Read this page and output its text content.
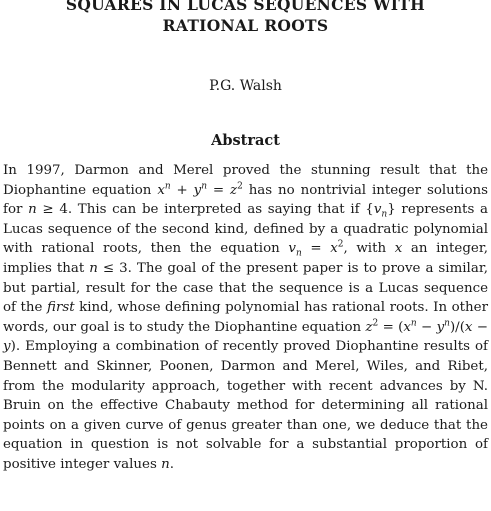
SQUARES IN LUCAS SEQUENCES WITH
RATIONAL ROOTS
P.G. Walsh
Abstract
In 1997, Darmon and Merel proved the stunning result that the Diophantine equation $x^n + y^n = z^2$ has no nontrivial integer solutions for n ≥ 4. This can be interpreted as saying that if $\{v_n\}$ represents a Lucas sequence of the second kind, defined by a quadratic polynomial with rational roots, then the equation $v_n = x^2$, with x an integer, implies that n ≤ 3. The goal of the present paper is to prove a similar, but partial, result for the case that the sequence is a Lucas sequence of the first kind, whose defining polynomial has rational roots. In other words, our goal is to study the Diophantine equation $z^2 = (x^n - y^n)/(x - y)$. Employing a combination of recently proved Diophantine results of Bennett and Skinner, Poonen, Darmon and Merel, Wiles, and Ribet, from the modularity approach, together with recent advances by N. Bruin on the effective Chabauty method for determining all rational points on a given curve of genus greater than one, we deduce that the equation in question is not solvable for a substantial proportion of positive integer values n.
